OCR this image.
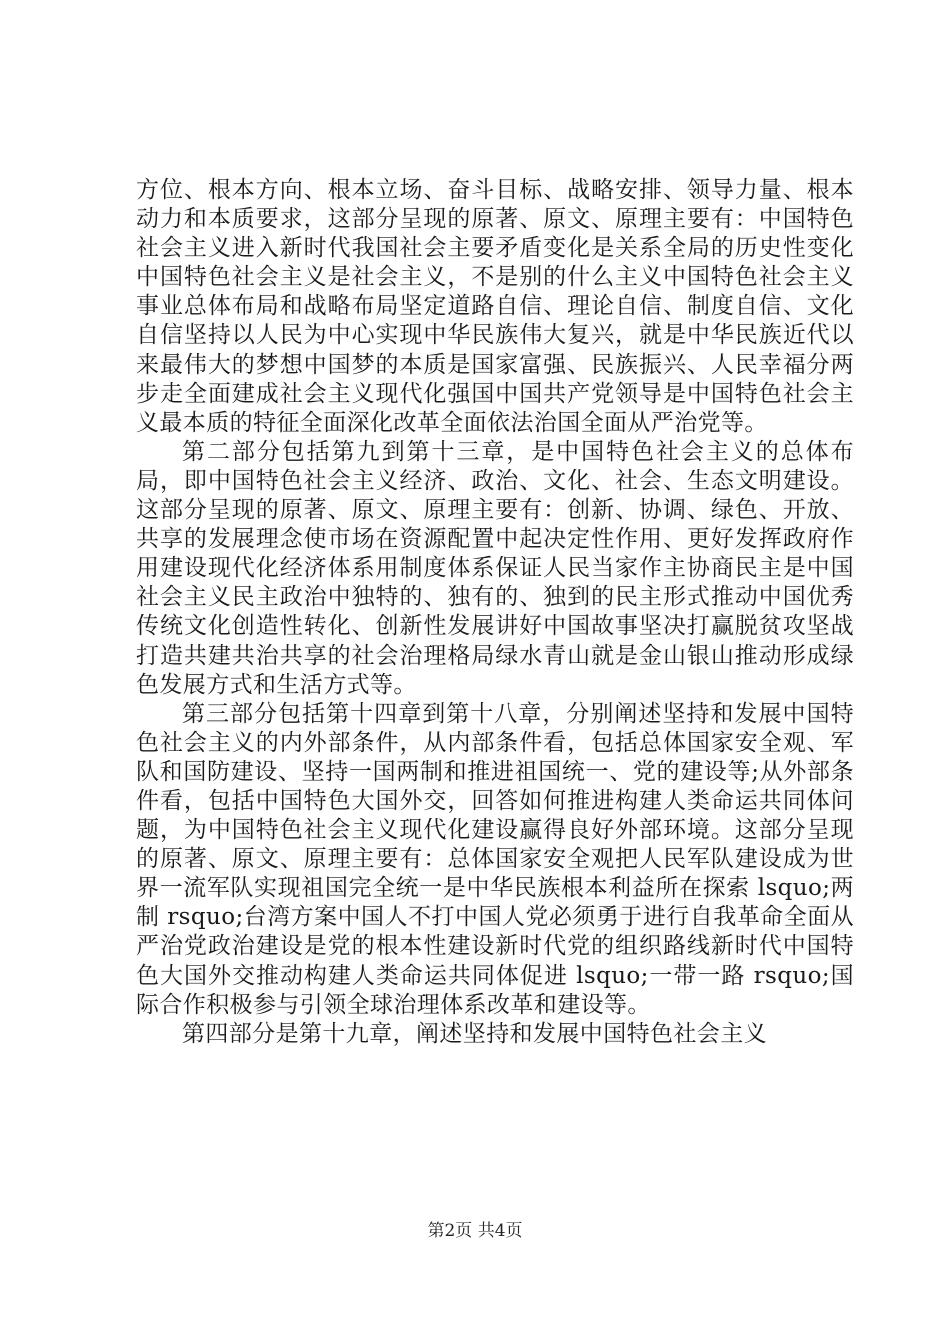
方位、根本方向、根本立场、奋斗目标、战略安排、领导力量、根本动力和本质要求，这部分呈现的原著、原文、原理主要有：中国特色社会主义进入新时代我国社会主要矛盾变化是关系全局的历史性变化中国特色社会主义是社会主义，不是别的什么主义中国特色社会主义事业总体布局和战略布局坚定道路自信、理论自信、制度自信、文化自信坚持以人民为中心实现中华民族伟大复兴，就是中华民族近代以来最伟大的梦想中国梦的本质是国家富强、民族振兴、人民幸福分两步走全面建成社会主义现代化强国中国共产党领导是中国特色社会主义最本质的特征全面深化改革全面依法治国全面从严治党等。

第二部分包括第九到第十三章，是中国特色社会主义的总体布局，即中国特色社会主义经济、政治、文化、社会、生态文明建设。这部分呈现的原著、原文、原理主要有：创新、协调、绿色、开放、共享的发展理念使市场在资源配置中起决定性作用、更好发挥政府作用建设现代化经济体系用制度体系保证人民当家作主协商民主是中国社会主义民主政治中独特的、独有的、独到的民主形式推动中国优秀传统文化创造性转化、创新性发展讲好中国故事坚决打赢脱贫攻坚战打造共建共治共享的社会治理格局绿水青山就是金山银山推动形成绿色发展方式和生活方式等。

第三部分包括第十四章到第十八章，分别阐述坚持和发展中国特色社会主义的内外部条件，从内部条件看，包括总体国家安全观、军队和国防建设、坚持一国两制和推进祖国统一、党的建设等;从外部条件看，包括中国特色大国外交，回答如何推进构建人类命运共同体问题，为中国特色社会主义现代化建设赢得良好外部环境。这部分呈现的原著、原文、原理主要有：总体国家安全观把人民军队建设成为世界一流军队实现祖国完全统一是中华民族根本利益所在探索 lsquo;两制 rsquo;台湾方案中国人不打中国人党必须勇于进行自我革命全面从严治党政治建设是党的根本性建设新时代党的组织路线新时代中国特色大国外交推动构建人类命运共同体促进 lsquo;一带一路 rsquo;国际合作积极参与引领全球治理体系改革和建设等。

第四部分是第十九章，阐述坚持和发展中国特色社会主义

第2页 共4页
